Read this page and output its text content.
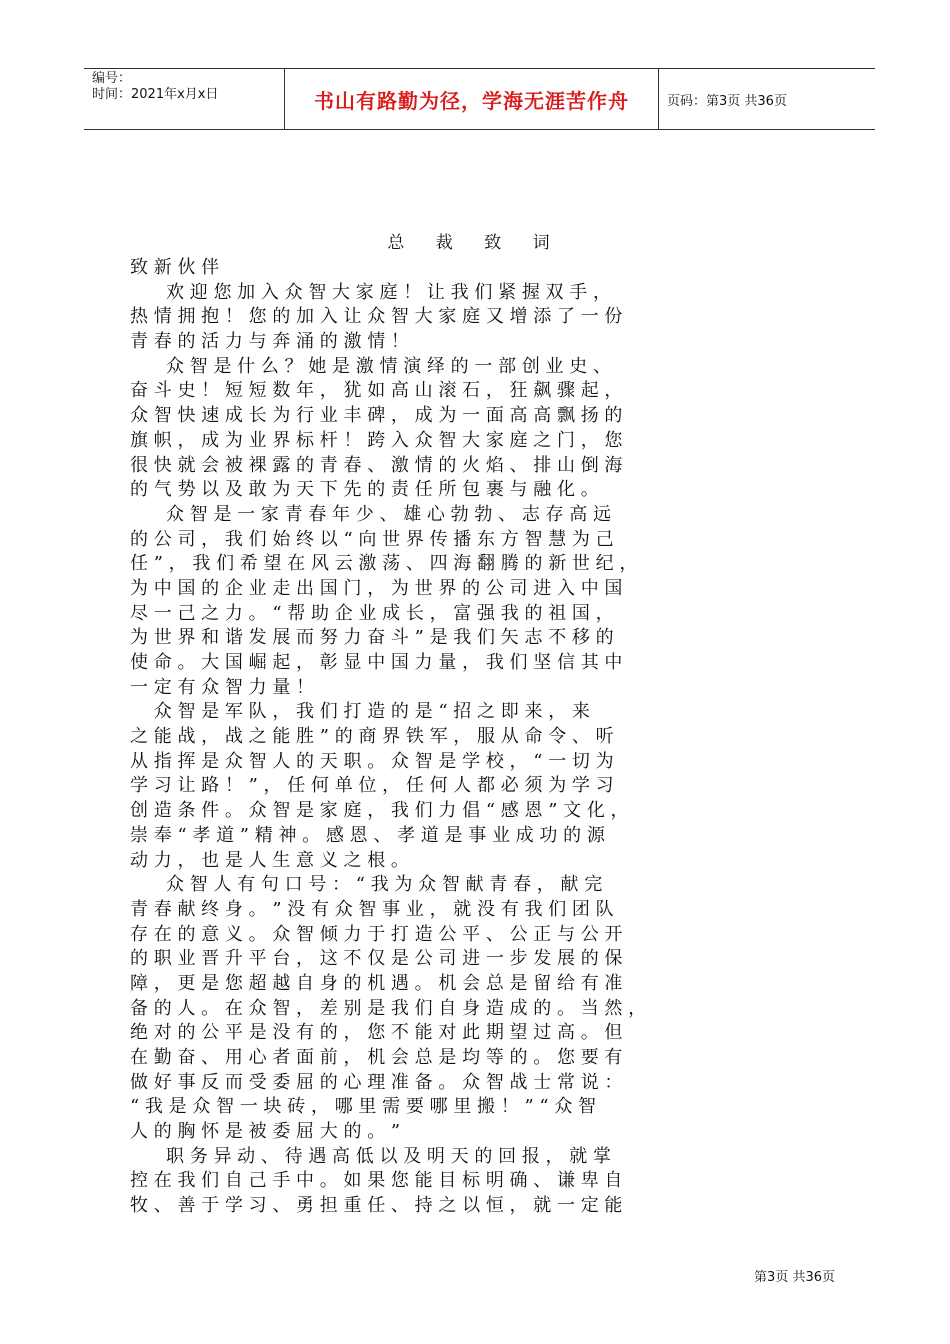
编号：
时间：2021年x月x日	书山有路勤为径，学海无涯苦作舟	页码：第3页 共36页
总 裁 致 词
致 新 伙 伴
　　欢 迎 您 加 入 众 智 大 家 庭 ！ 让 我 们 紧 握 双 手 ，
热 情 拥 抱 ！ 您 的 加 入 让 众 智 大 家 庭 又 增 添 了 一 份
青 春 的 活 力 与 奔 涌 的 激 情 ！
　　众 智 是 什 么 ？ 她 是 激 情 演 绎 的 一 部 创 业 史 、
奋 斗 史 ！ 短 短 数 年 ， 犹 如 高 山 滚 石 ， 狂 飙 骤 起 ，
众 智 快 速 成 长 为 行 业 丰 碑 ， 成 为 一 面 高 高 飘 扬 的
旗 帜 ， 成 为 业 界 标 杆 ！ 跨 入 众 智 大 家 庭 之 门 ， 您
很 快 就 会 被 裸 露 的 青 春 、 激 情 的 火 焰 、 排 山 倒 海
的 气 势 以 及 敢 为 天 下 先 的 责 任 所 包 裹 与 融 化 。
　　众 智 是 一 家 青 春 年 少 、 雄 心 勃 勃 、 志 存 高 远
的 公 司 ， 我 们 始 终 以 “ 向 世 界 传 播 东 方 智 慧 为 己
任 ” ， 我 们 希 望 在 风 云 激 荡 、 四 海 翻 腾 的 新 世 纪 ，
为 中 国 的 企 业 走 出 国 门 ， 为 世 界 的 公 司 进 入 中 国
尽 一 己 之 力 。 “ 帮 助 企 业 成 长 ， 富 强 我 的 祖 国 ，
为 世 界 和 谐 发 展 而 努 力 奋 斗 ” 是 我 们 矢 志 不 移 的
使 命 。 大 国 崛 起 ， 彰 显 中 国 力 量 ， 我 们 坚 信 其 中
一 定 有 众 智 力 量 ！
　 众 智 是 军 队 ， 我 们 打 造 的 是 “ 招 之 即 来 ， 来
之 能 战 ， 战 之 能 胜 ” 的 商 界 铁 军 ， 服 从 命 令 、 听
从 指 挥 是 众 智 人 的 天 职 。 众 智 是 学 校 ， “ 一 切 为
学 习 让 路 ！ ” ， 任 何 单 位 ， 任 何 人 都 必 须 为 学 习
创 造 条 件 。 众 智 是 家 庭 ， 我 们 力 倡 “ 感 恩 ” 文 化 ，
崇 奉 “ 孝 道 ” 精 神 。 感 恩 、 孝 道 是 事 业 成 功 的 源
动 力 ， 也 是 人 生 意 义 之 根 。
　　众 智 人 有 句 口 号 ： “ 我 为 众 智 献 青 春 ， 献 完
青 春 献 终 身 。 ” 没 有 众 智 事 业 ， 就 没 有 我 们 团 队
存 在 的 意 义 。 众 智 倾 力 于 打 造 公 平 、 公 正 与 公 开
的 职 业 晋 升 平 台 ， 这 不 仅 是 公 司 进 一 步 发 展 的 保
障 ， 更 是 您 超 越 自 身 的 机 遇 。 机 会 总 是 留 给 有 准
备 的 人 。 在 众 智 ， 差 别 是 我 们 自 身 造 成 的 。 当 然 ，
绝 对 的 公 平 是 没 有 的 ， 您 不 能 对 此 期 望 过 高 。 但
在 勤 奋 、 用 心 者 面 前 ， 机 会 总 是 均 等 的 。 您 要 有
做 好 事 反 而 受 委 屈 的 心 理 准 备 。 众 智 战 士 常 说 ：
“ 我 是 众 智 一 块 砖 ， 哪 里 需 要 哪 里 搬 ！ ” “ 众 智
人 的 胸 怀 是 被 委 屈 大 的 。 ”
　　职 务 异 动 、 待 遇 高 低 以 及 明 天 的 回 报 ， 就 掌
控 在 我 们 自 己 手 中 。 如 果 您 能 目 标 明 确 、 谦 卑 自
牧 、 善 于 学 习 、 勇 担 重 任 、 持 之 以 恒 ， 就 一 定 能
第3页 共36页
